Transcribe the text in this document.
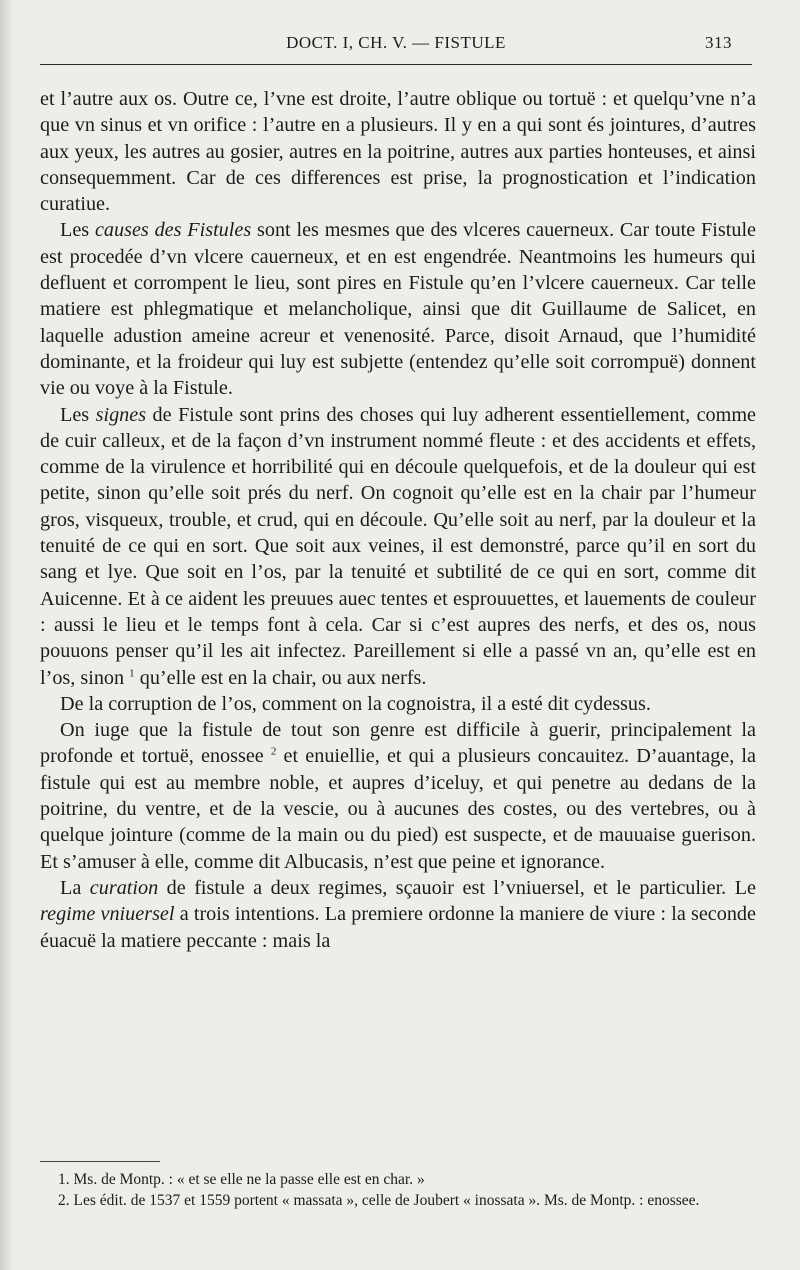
DOCT. I, CH. V. — FISTULE	313

et l’autre aux os. Outre ce, l’vne est droite, l’autre oblique ou tortuë : et quelqu’vne n’a que vn sinus et vn orifice : l’autre en a plusieurs. Il y en a qui sont és jointures, d’autres aux yeux, les autres au gosier, autres en la poitrine, autres aux parties honteuses, et ainsi consequemment. Car de ces differences est prise, la prognostication et l’indication curatiue.

Les causes des Fistules sont les mesmes que des vlceres cauerneux. Car toute Fistule est procedée d’vn vlcere cauerneux, et en est engendrée. Neantmoins les humeurs qui defluent et corrompent le lieu, sont pires en Fistule qu’en l’vlcere cauerneux. Car telle matiere est phlegmatique et melancholique, ainsi que dit Guillaume de Salicet, en laquelle adustion ameine acreur et venenosité. Parce, disoit Arnaud, que l’humidité dominante, et la froideur qui luy est subjette (entendez qu’elle soit corrompuë) donnent vie ou voye à la Fistule.

Les signes de Fistule sont prins des choses qui luy adherent essentiellement, comme de cuir calleux, et de la façon d’vn instrument nommé fleute : et des accidents et effets, comme de la virulence et horribilité qui en découle quelquefois, et de la douleur qui est petite, sinon qu’elle soit prés du nerf. On cognoit qu’elle est en la chair par l’humeur gros, visqueux, trouble, et crud, qui en découle. Qu’elle soit au nerf, par la douleur et la tenuité de ce qui en sort. Que soit aux veines, il est demonstré, parce qu’il en sort du sang et lye. Que soit en l’os, par la tenuité et subtilité de ce qui en sort, comme dit Auicenne. Et à ce aident les preuues auec tentes et esprouuettes, et lauements de couleur : aussi le lieu et le temps font à cela. Car si c’est aupres des nerfs, et des os, nous pouuons penser qu’il les ait infectez. Pareillement si elle a passé vn an, qu’elle est en l’os, sinon $^1$ qu’elle est en la chair, ou aux nerfs.

De la corruption de l’os, comment on la cognoistra, il a esté dit cydessus.

On iuge que la fistule de tout son genre est difficile à guerir, principalement la profonde et tortuë, enossee $^2$ et enuiellie, et qui a plusieurs concauitez. D’auantage, la fistule qui est au membre noble, et aupres d’iceluy, et qui penetre au dedans de la poitrine, du ventre, et de la vescie, ou à aucunes des costes, ou des vertebres, ou à quelque jointure (comme de la main ou du pied) est suspecte, et de mauuaise guerison. Et s’amuser à elle, comme dit Albucasis, n’est que peine et ignorance.

La curation de fistule a deux regimes, sçauoir est l’vniuersel, et le particulier. Le regime vniuersel a trois intentions. La premiere ordonne la maniere de viure : la seconde éuacuë la matiere peccante : mais la

1. Ms. de Montp. : « et se elle ne la passe elle est en char. »

2. Les édit. de 1537 et 1559 portent « massata », celle de Joubert « inossata ». Ms. de Montp. : enossee.
